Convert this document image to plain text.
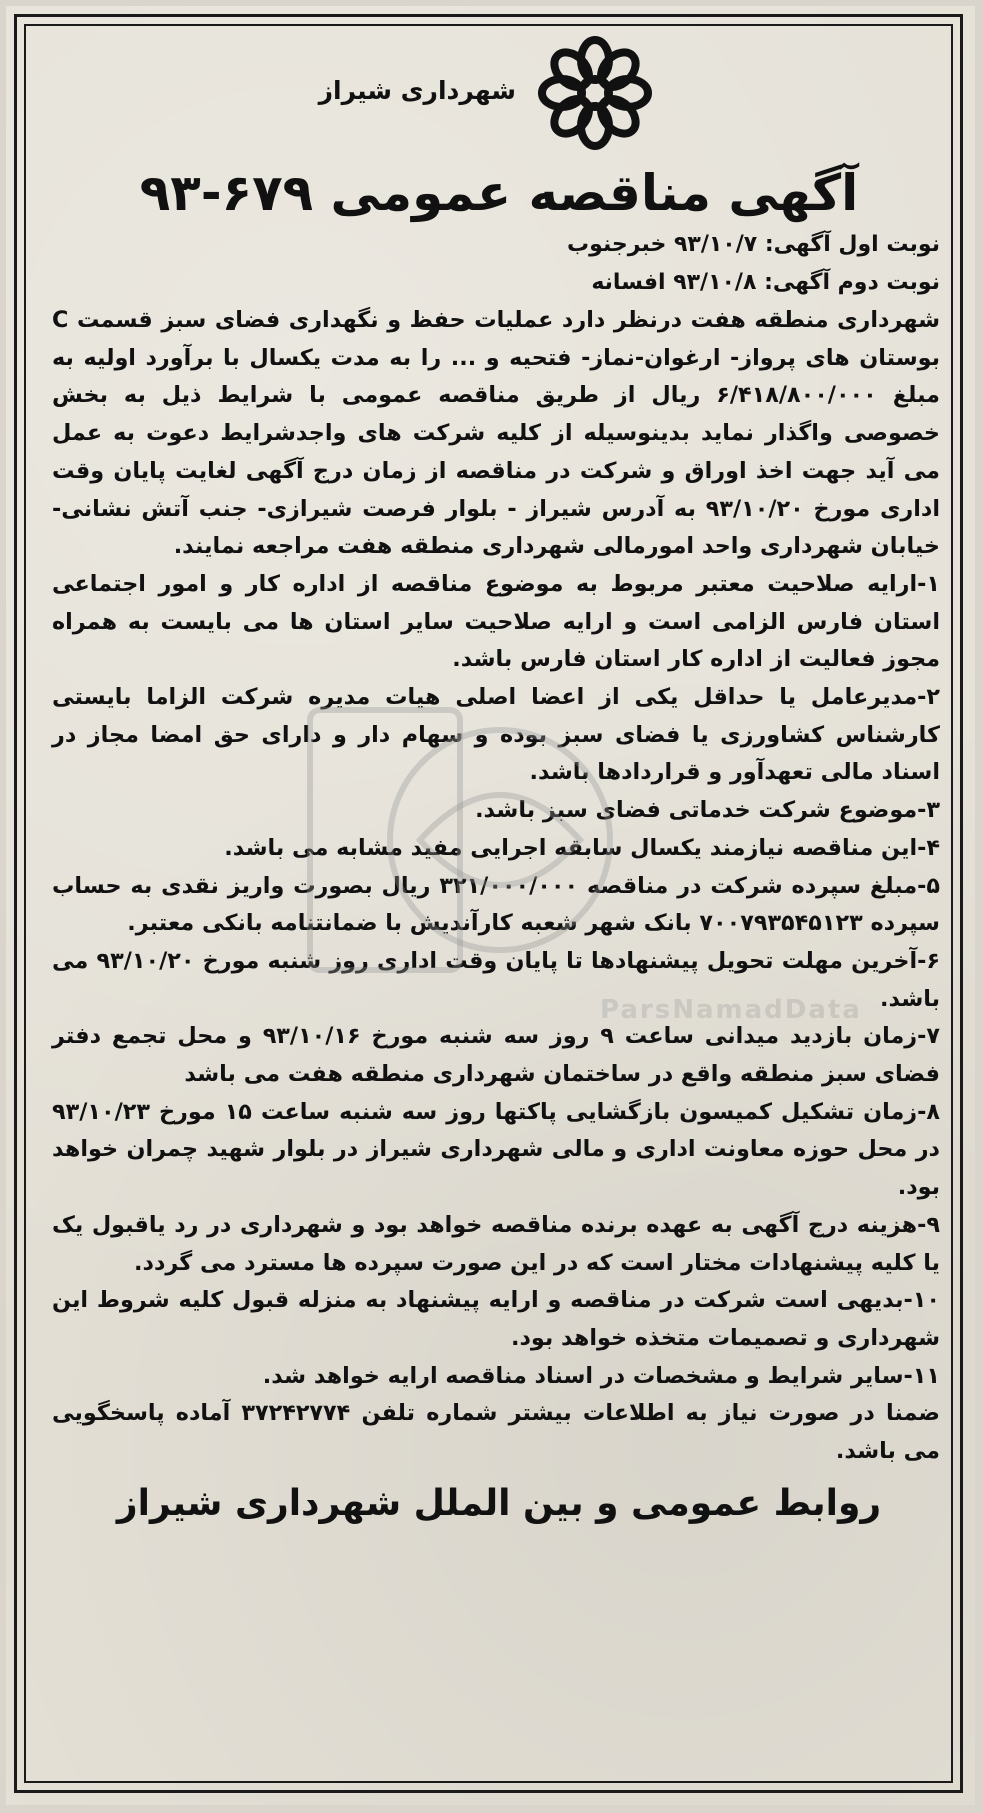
شهرداری شیراز
آگهی مناقصه عمومی ۶۷۹-۹۳

نوبت اول آگهی: ۹۳/۱۰/۷ خبرجنوب

نوبت دوم آگهی: ۹۳/۱۰/۸ افسانه

شهرداری منطقه هفت درنظر دارد عملیات حفظ و نگهداری فضای سبز قسمت C بوستان های پرواز- ارغوان-نماز- فتحیه و ... را به مدت یکسال با برآورد اولیه به مبلغ ۶/۴۱۸/۸۰۰/۰۰۰ ریال از طریق مناقصه عمومی با شرایط ذیل به بخش خصوصی واگذار نماید بدینوسیله از کلیه شرکت های واجدشرایط دعوت به عمل می آید جهت اخذ اوراق و شرکت در مناقصه از زمان درج آگهی لغایت پایان وقت اداری مورخ ۹۳/۱۰/۲۰ به آدرس شیراز - بلوار فرصت شیرازی- جنب آتش نشانی-خیابان شهرداری واحد امورمالی شهرداری منطقه هفت مراجعه نمایند.

۱-ارایه صلاحیت معتبر مربوط به موضوع مناقصه از اداره کار و امور اجتماعی استان فارس الزامی است و ارایه صلاحیت سایر استان ها می بایست به همراه مجوز فعالیت از اداره کار استان فارس باشد.

۲-مدیرعامل یا حداقل یکی از اعضا اصلی هیات مدیره شرکت الزاما بایستی کارشناس کشاورزی یا فضای سبز بوده و سهام دار و دارای حق امضا مجاز در اسناد مالی تعهدآور و قراردادها باشد.

۳-موضوع شرکت خدماتی فضای سبز باشد.

۴-این مناقصه نیازمند یکسال سابقه اجرایی مفید مشابه می باشد.

۵-مبلغ سپرده شرکت در مناقصه ۳۲۱/۰۰۰/۰۰۰ ریال بصورت واریز نقدی به حساب سپرده ۷۰۰۷۹۳۵۴۵۱۲۳ بانک شهر شعبه کارآندیش با ضمانتنامه بانکی معتبر.

۶-آخرین مهلت تحویل پیشنهادها تا پایان وقت اداری روز شنبه مورخ ۹۳/۱۰/۲۰ می باشد.

۷-زمان بازدید میدانی ساعت ۹ روز سه شنبه مورخ ۹۳/۱۰/۱۶ و محل تجمع دفتر فضای سبز منطقه واقع در ساختمان شهرداری منطقه هفت می باشد

۸-زمان تشکیل کمیسون بازگشایی پاکتها روز سه شنبه ساعت ۱۵ مورخ ۹۳/۱۰/۲۳ در محل حوزه معاونت اداری و مالی شهرداری شیراز در بلوار شهید چمران خواهد بود.

۹-هزینه درج آگهی به عهده برنده مناقصه خواهد بود و شهرداری در رد یاقبول یک یا کلیه پیشنهادات مختار است که در این صورت سپرده ها مسترد می گردد.

۱۰-بدیهی است شرکت در مناقصه و ارایه پیشنهاد به منزله قبول کلیه شروط این شهرداری و تصمیمات متخذه خواهد بود.

۱۱-سایر شرایط و مشخصات در اسناد مناقصه ارایه خواهد شد.

ضمنا در صورت نیاز به اطلاعات بیشتر شماره تلفن ۳۷۲۴۲۷۷۴ آماده پاسخگویی می باشد.

روابط عمومی و بین الملل شهرداری شیراز
ParsNamadData
